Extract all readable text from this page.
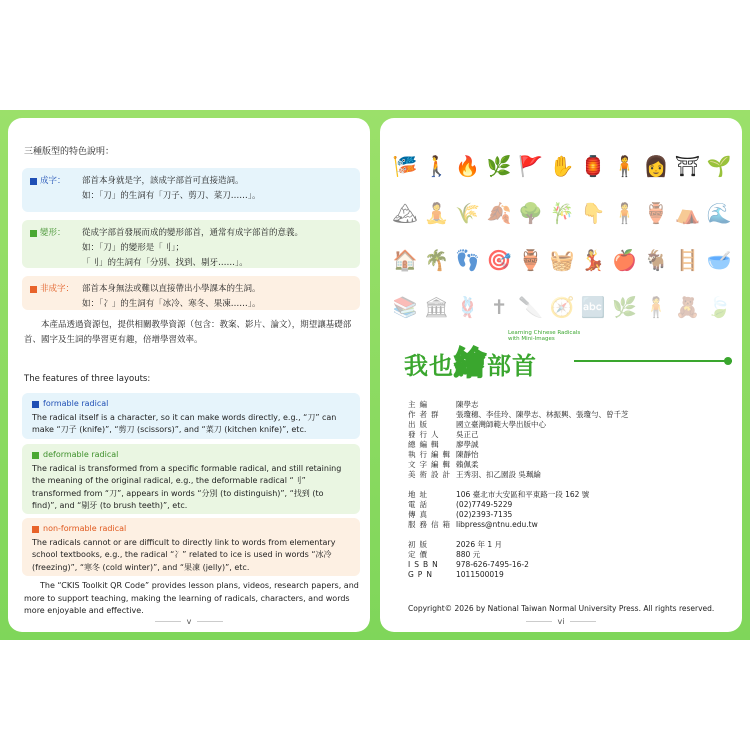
三種版型的特色說明：
成字： 部首本身就是字，該成字部首可直接造詞。
如：「刀」的生詞有「刀子、剪刀、菜刀……」。
變形： 從成字部首發展而成的變形部首，通常有成字部首的意義。
如：「刀」的變形是「刂」；
「刂」的生詞有「分別、找到、剔牙……」。
非成字： 部首本身無法或難以直接帶出小學課本的生詞。
如：「冫」的生詞有「冰冷、寒冬、果凍……」。
本產品透過資源包，提供相關教學資源（包含：教案、影片、論文），期望讓基礎部首、國字及生詞的學習更有趣，倍增學習效率。
The features of three layouts:
formable radical
The radical itself is a character, so it can make words directly, e.g., “刀” can make “刀子 (knife)”, “剪刀 (scissors)”, and “菜刀 (kitchen knife)”, etc.
deformable radical
The radical is transformed from a specific formable radical, and still retaining the meaning of the original radical, e.g., the deformable radical “刂” transformed from “刀”, appears in words “分別 (to distinguish)”, “找到 (to find)”, and “剔牙 (to brush teeth)”, etc.
non-formable radical
The radicals cannot or are difficult to directly link to words from elementary school textbooks, e.g., the radical “冫” related to ice is used in words “冰冷 (freezing)”, “寒冬 (cold winter)”, and “果凍 (jelly)”, etc.
The “CKIS Toolkit QR Code” provides lesson plans, videos, research papers, and more to support teaching, making the learning of radicals, characters, and words more enjoyable and effective.
v
🎏 🚶 🔥 🌿 🚩 ✋ 🏮 🧍 👩 ⛩ 🌱
🏔 🧘 🌾 🍂 🌳 🎋 👇 🧍 🏺 ⛺ 🌊
🏠 🌴 👣 🎯 🏺 🧺 💃 🍎 🐐 🪜 🥣
📚 🏛 🪢 ✝ 🔪 🧭 🔤 🌿 🧍 🧸 🍃
我也繪部首
Learning Chinese Radicals
with Mini-Images
主編	陳學志
作者群	張瓊穗、李佳玲、陳學志、林振興、張瓊勻、曾千芝
出版	國立臺灣師範大學出版中心
發行人	吳正己
總編輯	廖學誠
執行編輯 陳靜怡
文字編輯 賴佩柔
美術設計 王秀羽、扣乙園設 吳珮綸
地址	106 臺北市大安區和平東路一段 162 號
電話	(02)7749-5229
傳真	(02)2393-7135
服務信箱 libpress@ntnu.edu.tw
初版	2026 年 1 月
定價	880 元
ISBN	978-626-7495-16-2
GPN	1011500019
Copyright© 2026 by National Taiwan Normal University Press. All rights reserved.
vi
